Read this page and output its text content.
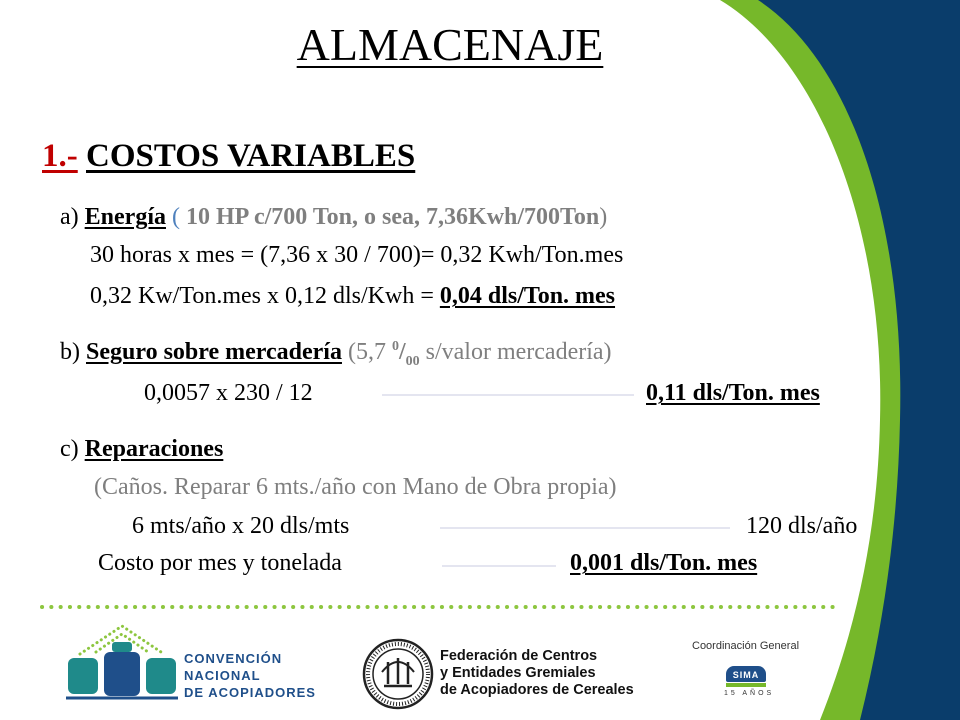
ALMACENAJE
1.- COSTOS VARIABLES
a) Energía ( 10 HP c/700 Ton, o sea, 7,36Kwh/700Ton)
30 horas x mes = (7,36 x 30 / 700)= 0,32 Kwh/Ton.mes
0,32 Kw/Ton.mes x 0,12 dls/Kwh = 0,04 dls/Ton. mes
b) Seguro sobre mercadería (5,7 $^0/_{00}$ s/valor mercadería)
0,0057 x 230 / 12	0,11 dls/Ton. mes
c) Reparaciones
(Caños. Reparar 6 mts./año con Mano de Obra propia)
6 mts/año x 20 dls/mts	120 dls/año
Costo por mes y tonelada	0,001 dls/Ton. mes
CONVENCIÓN
NACIONAL
DE ACOPIADORES
Federación de Centros
y Entidades Gremiales
de Acopiadores de Cereales
Coordinación General
SIMA
15 AÑOS
